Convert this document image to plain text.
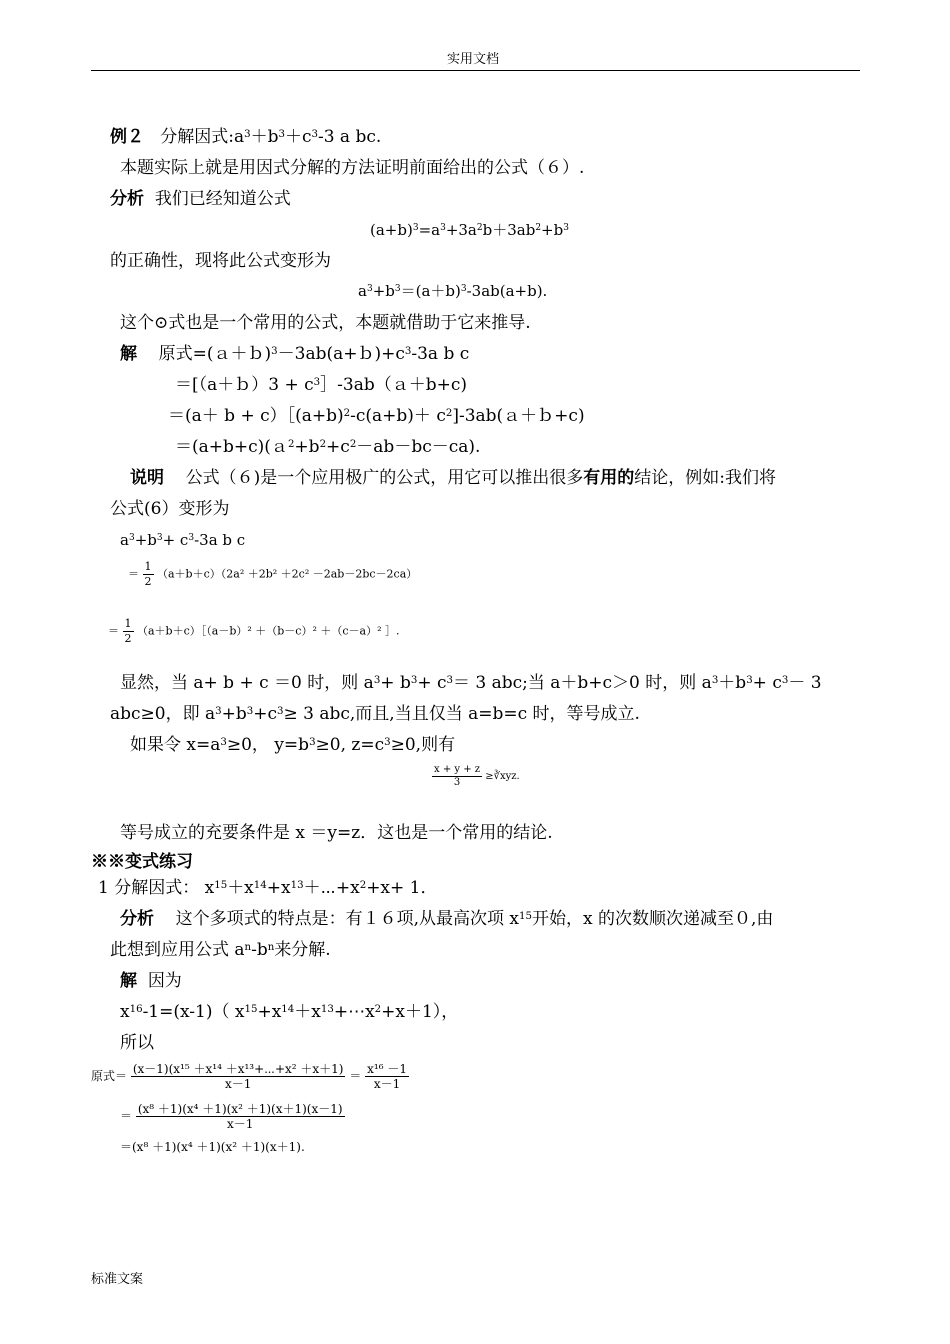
实用文档
例２ 分解因式$:a^3+b^3+c^3-3$ a bc.
本题实际上就是用因式分解的方法证明前面给出的公式（６）.
分析 我们已经知道公式
$(a+b)^3=a^3+3a^2b+3ab^2+b^3$
的正确性，现将此公式变形为
$a^3+b^3=(a+b)^3-3ab(a+b)$.
这个⊙式也是一个常用的公式，本题就借助于它来推导.
解 原式$=(a+b)^3-3ab(a+b)+c^3-3a$ b c
＝[（a＋ｂ）3 + $c^3]-3ab(a+b+c)$
$=(a+ b + c)[(a+b)^2-c(a+b)+$ $c^2]-3ab(a+b+c)$
$=(a+b+c)(a^2+b^2+c^2-ab-bc-ca)$.
说明 公式（６)是一个应用极广的公式，用它可以推出很多有用的结论，例如:我们将
公式(6）变形为
$a^3+b^3+ c^3-3a$ b c
＝ $\frac{1}{2} (a+b+c)(2a^2 +2b^2 +2c^2 -2ab-2bc-2ca)$
＝ $\frac{1}{2}$ （a＋b＋c）［（a－b）² ＋（b－c）² ＋（c－a）² ］.
显然，当 a+ b + c ＝0 时，则 $a^3+ b^3+ c^3= 3$ abc;当 a＋b+c＞0 时，则 $a^3+b^3+ c^3- 3$
abc≥0，即 $a^3+b^3+c^3\ge 3$ abc,而且,当且仅当 a=b=c 时，等号成立.
如果令 $x=a^3\ge 0$， $y=b^3\ge 0$, $z=c^3\ge 0$,则有
$\frac{x + y + z}{3}$ ≥∛xyz.
等号成立的充要条件是 x ＝y=z．这也是一个常用的结论.
※※变式练习
1 分解因式： $x^{15}+x^{14}+x^{13}+\cdots+x^2+x+ 1$．
分析 这个多项式的特点是：有１６项,从最高次项 $x^{15}$开始，x 的次数顺次递减至０,由
此想到应用公式 $a^n-b^n$来分解.
解 因为
$x^{16}-1=(x-1)$（ $x^{15}+x^{14}+x^{13}+\cdots x^2+x+1$），
所以
原式＝ $\frac{\text{(x－1)(x¹⁵ ＋x¹⁴ ＋x¹³+⋯+x² ＋x＋1)}}{x-1} = \frac{\text{x¹⁶ －1}}{x-1}$
＝ $\frac{\text{(x⁸ ＋1)(x⁴ ＋1)(x² ＋1)(x＋1)(x－1)}}{x-1}$
＝(x⁸ ＋1)(x⁴ ＋1)(x² ＋1)(x＋1).
标准文案
